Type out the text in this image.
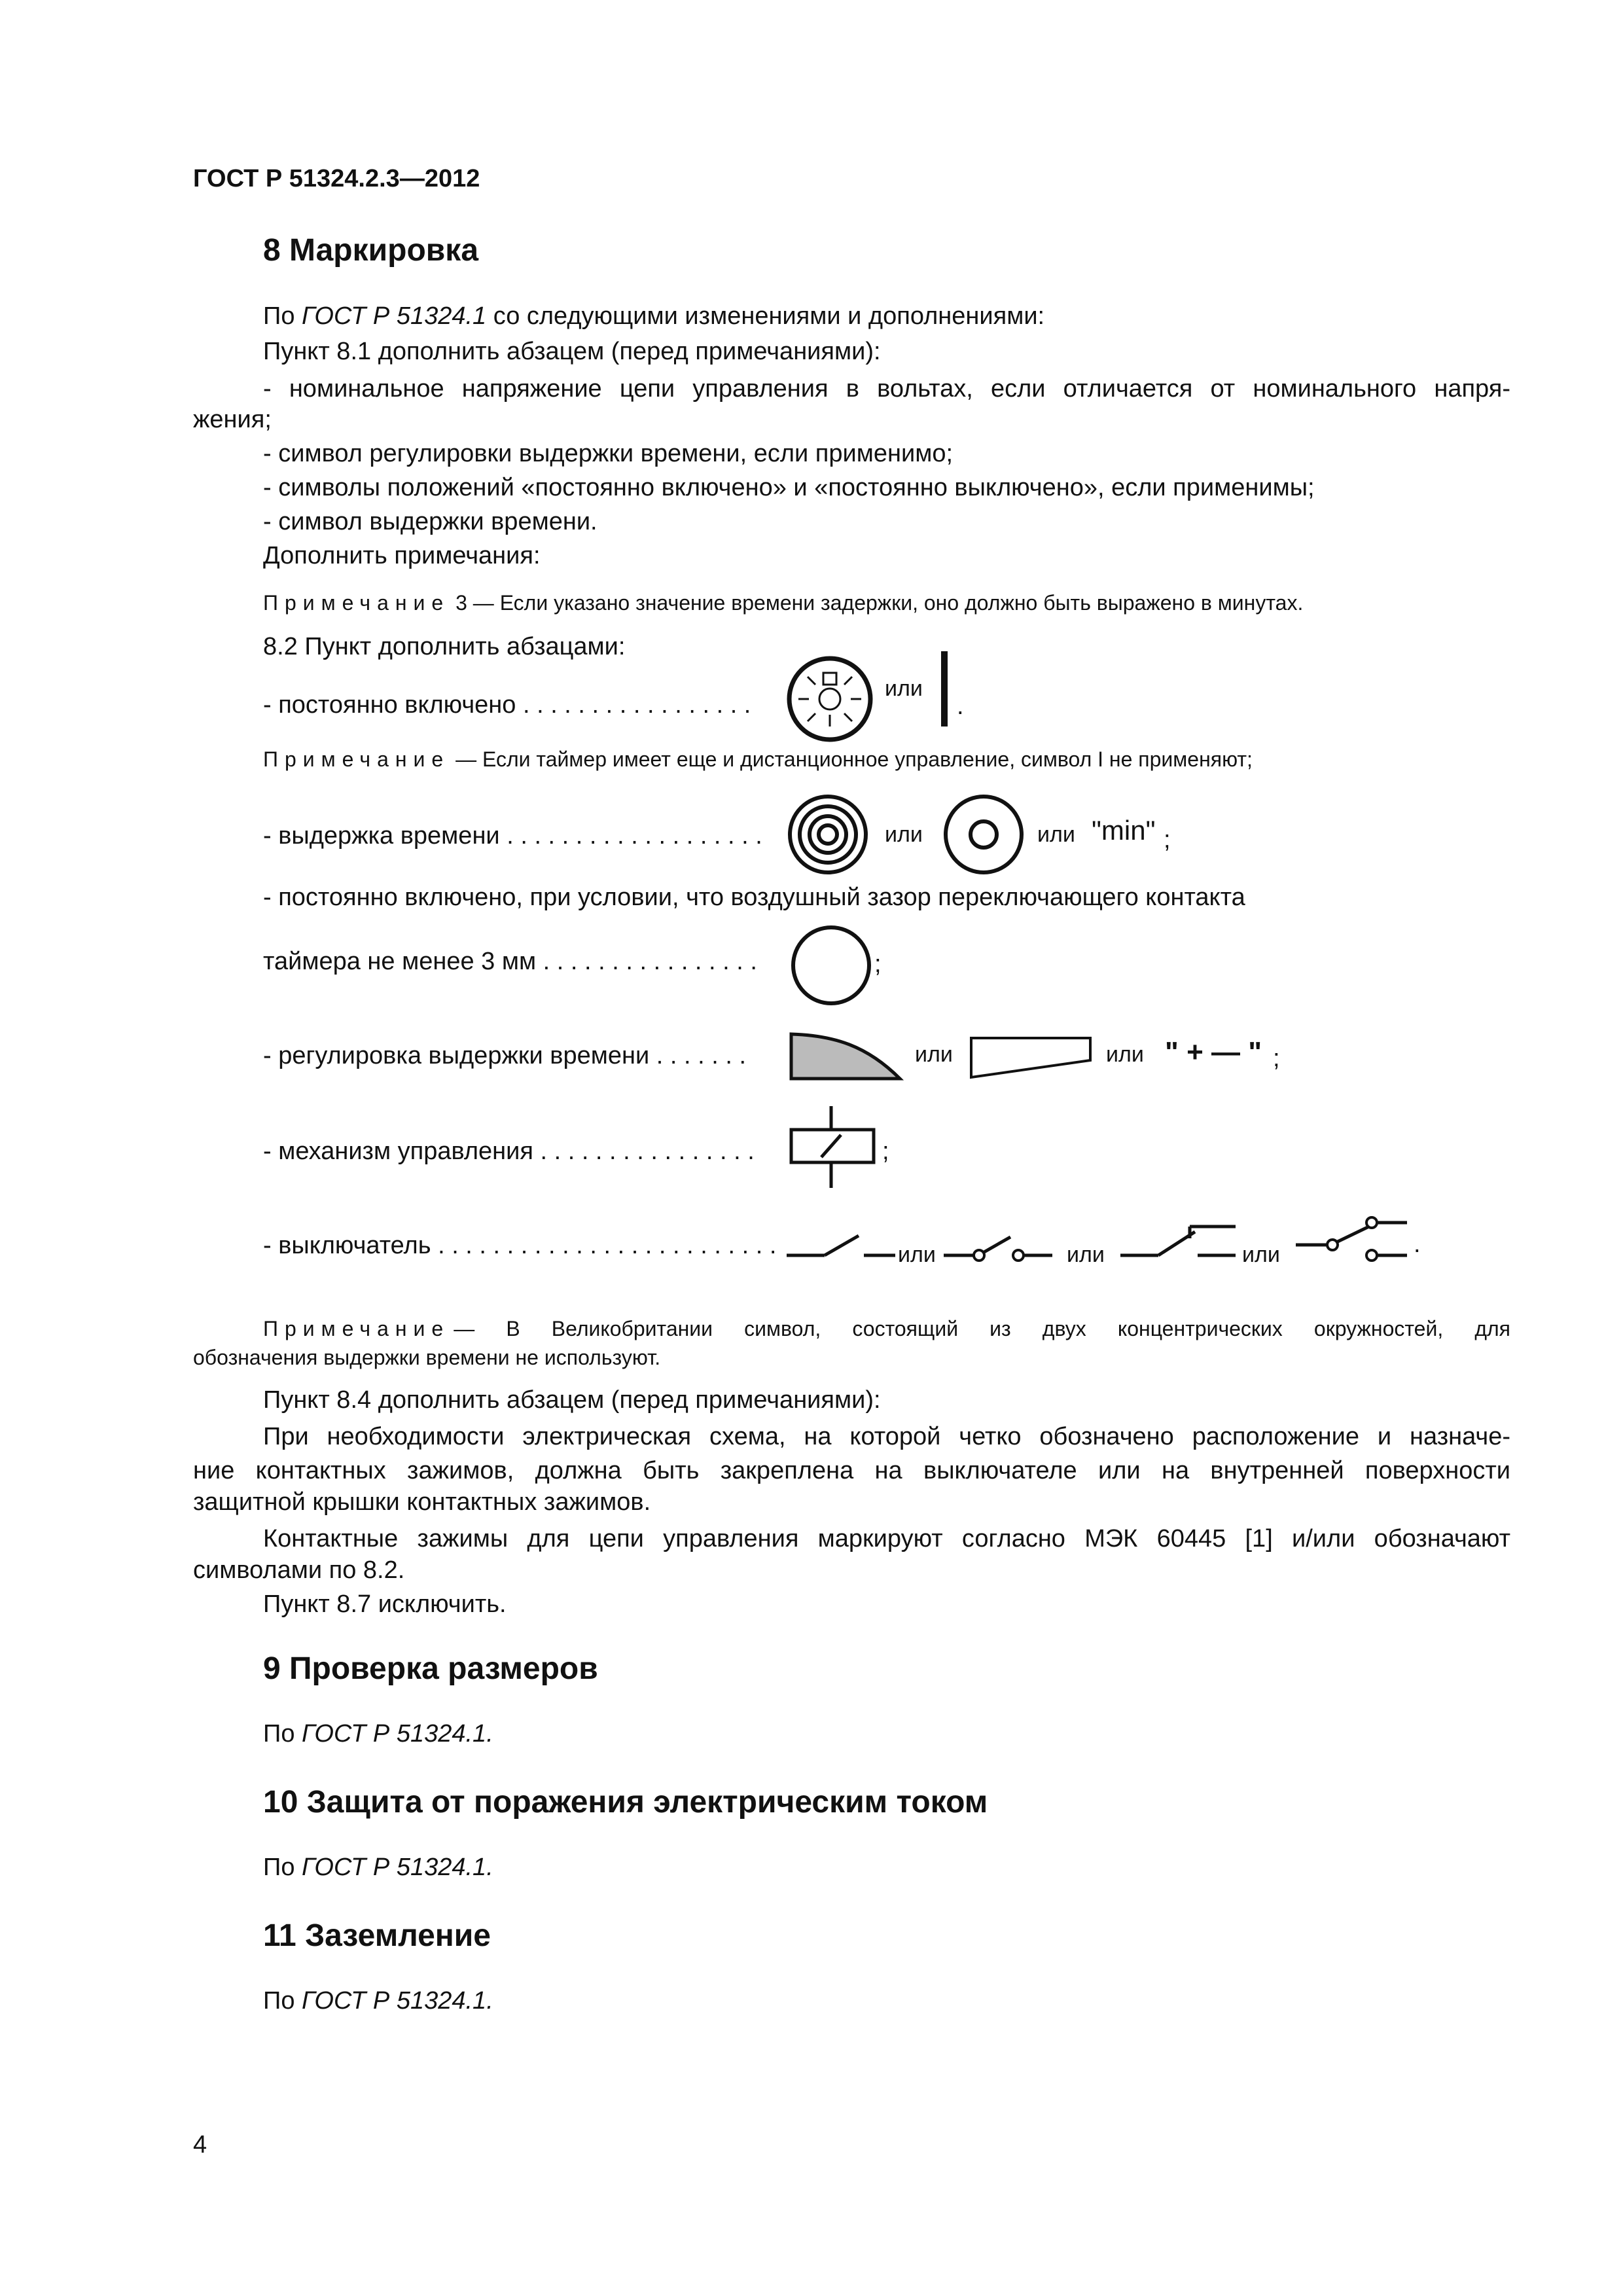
ГОСТ Р 51324.2.3—2012
8 Маркировка
По ГОСТ Р 51324.1 со следующими изменениями и дополнениями:
Пункт 8.1 дополнить абзацем (перед примечаниями):
- номинальное напряжение цепи управления в вольтах, если отличается от номинального напря-
жения;
- символ регулировки выдержки времени, если применимо;
- символы положений «постоянно включено» и «постоянно выключено», если применимы;
- символ выдержки времени.
Дополнить примечания:
Примечание 3 — Если указано значение времени задержки, оно должно быть выражено в минутах.
8.2 Пункт дополнить абзацами:
- постоянно включено . . . . . . . . . . . . . . . . .
или
.
Примечание — Если таймер имеет еще и дистанционное управление, символ I не применяют;
- выдержка времени . . . . . . . . . . . . . . . . . . .	или	или "min" ;
- постоянно включено, при условии, что воздушный зазор переключающего контакта
таймера не менее 3 мм . . . . . . . . . . . . . . . .	;
- регулировка выдержки времени . . . . . . .	или	или " + — " ;
- механизм управления . . . . . . . . . . . . . . . .	;
- выключатель . . . . . . . . . . . . . . . . . . . . . . . . .	или	или	или	.
Примечание — В Великобритании символ, состоящий из двух концентрических окружностей, для
обозначения выдержки времени не используют.
Пункт 8.4 дополнить абзацем (перед примечаниями):
При необходимости электрическая схема, на которой четко обозначено расположение и назначе-
ние контактных зажимов, должна быть закреплена на выключателе или на внутренней поверхности
защитной крышки контактных зажимов.
Контактные зажимы для цепи управления маркируют согласно МЭК 60445 [1] и/или обозначают
символами по 8.2.
Пункт 8.7 исключить.
9 Проверка размеров
По ГОСТ Р 51324.1.
10 Защита от поражения электрическим током
По ГОСТ Р 51324.1.
11 Заземление
По ГОСТ Р 51324.1.
4
